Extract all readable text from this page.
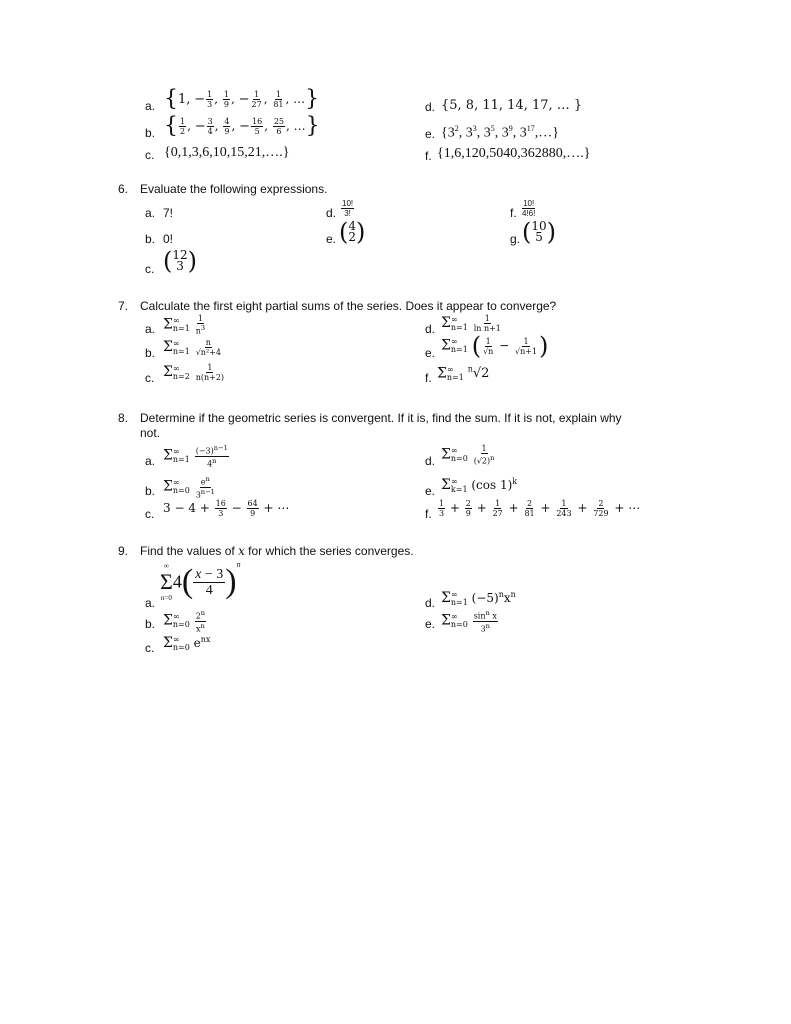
a. {1, − $\frac{1}{3}$ , $\frac{1}{9}$ , − $\frac{1}{27}$ , $\frac{1}{81}$ , …}
b. { $\frac{1}{2}$ , − $\frac{3}{4}$ , $\frac{4}{9}$ , − $\frac{16}{5}$ , $\frac{25}{6}$ , …}
c. {0,1,3,6,10,15,21,….}
d. {5, 8, 11, 14, 17, … }
e. {$3^2$, $3^3$, $3^5$, $3^9$, $3^{17},\dots$}
f. {1,6,120,5040,362880,….}
6. Evaluate the following expressions.
a. 7!
b. 0!
c. ( 12
3 )
d. $\frac{10!}{3!}$
e. ( 4
2 )
f. $\frac{10!}{4!6!}$
g. ( 10
5 )
7. Calculate the first eight partial sums of the series. Does it appear to converge?
a. Σ ∞
n=1
$\frac{1}{n^3}$
b. Σ ∞
n=1
$\frac{n}{\text{√n²+4}}$
c. Σ ∞
n=2
$\frac{1}{n(n+2)}$
d. Σ ∞
n=1
$\frac{1}{\text{ln n+1}}$
e. Σ ∞
n=1 ( $\frac{1}{√n} - \frac{1}{√n+1}$ )
f. Σ ∞
n=1
$^n$√2
8. Determine if the geometric series is convergent. If it is, find the sum. If it is not, explain why
not.
a. Σ ∞
n=1
$\frac{(-3)^{n-1}}{4^n}$
b. Σ ∞
n=0
$\frac{e^n}{3^{n-1}}$
c. $3 - 4 + \frac{16}{3} - \frac{64}{9}$ + ⋯
d. Σ ∞
n=0
$\frac{1}{(√2)^n}$
e. Σ ∞
k=1 (cos 1)$^k$
f. $\frac{1}{3} + \frac{2}{9} + \frac{1}{27} + \frac{2}{81} + \frac{1}{243} + \frac{2}{729}$ + ⋯
9. Find the values of x for which the series converges.
a.
∞
Σ
n=0
$4( \frac{x - 3}{4} )^n$
b. Σ ∞
n=0
$\frac{2^n}{x^n}$
c. Σ ∞
n=0 $e^{nx}$
d. Σ ∞
n=1 $(-5)^nx^n$
e. Σ ∞
n=0
$\frac{\sin^n x}{3^n}$
